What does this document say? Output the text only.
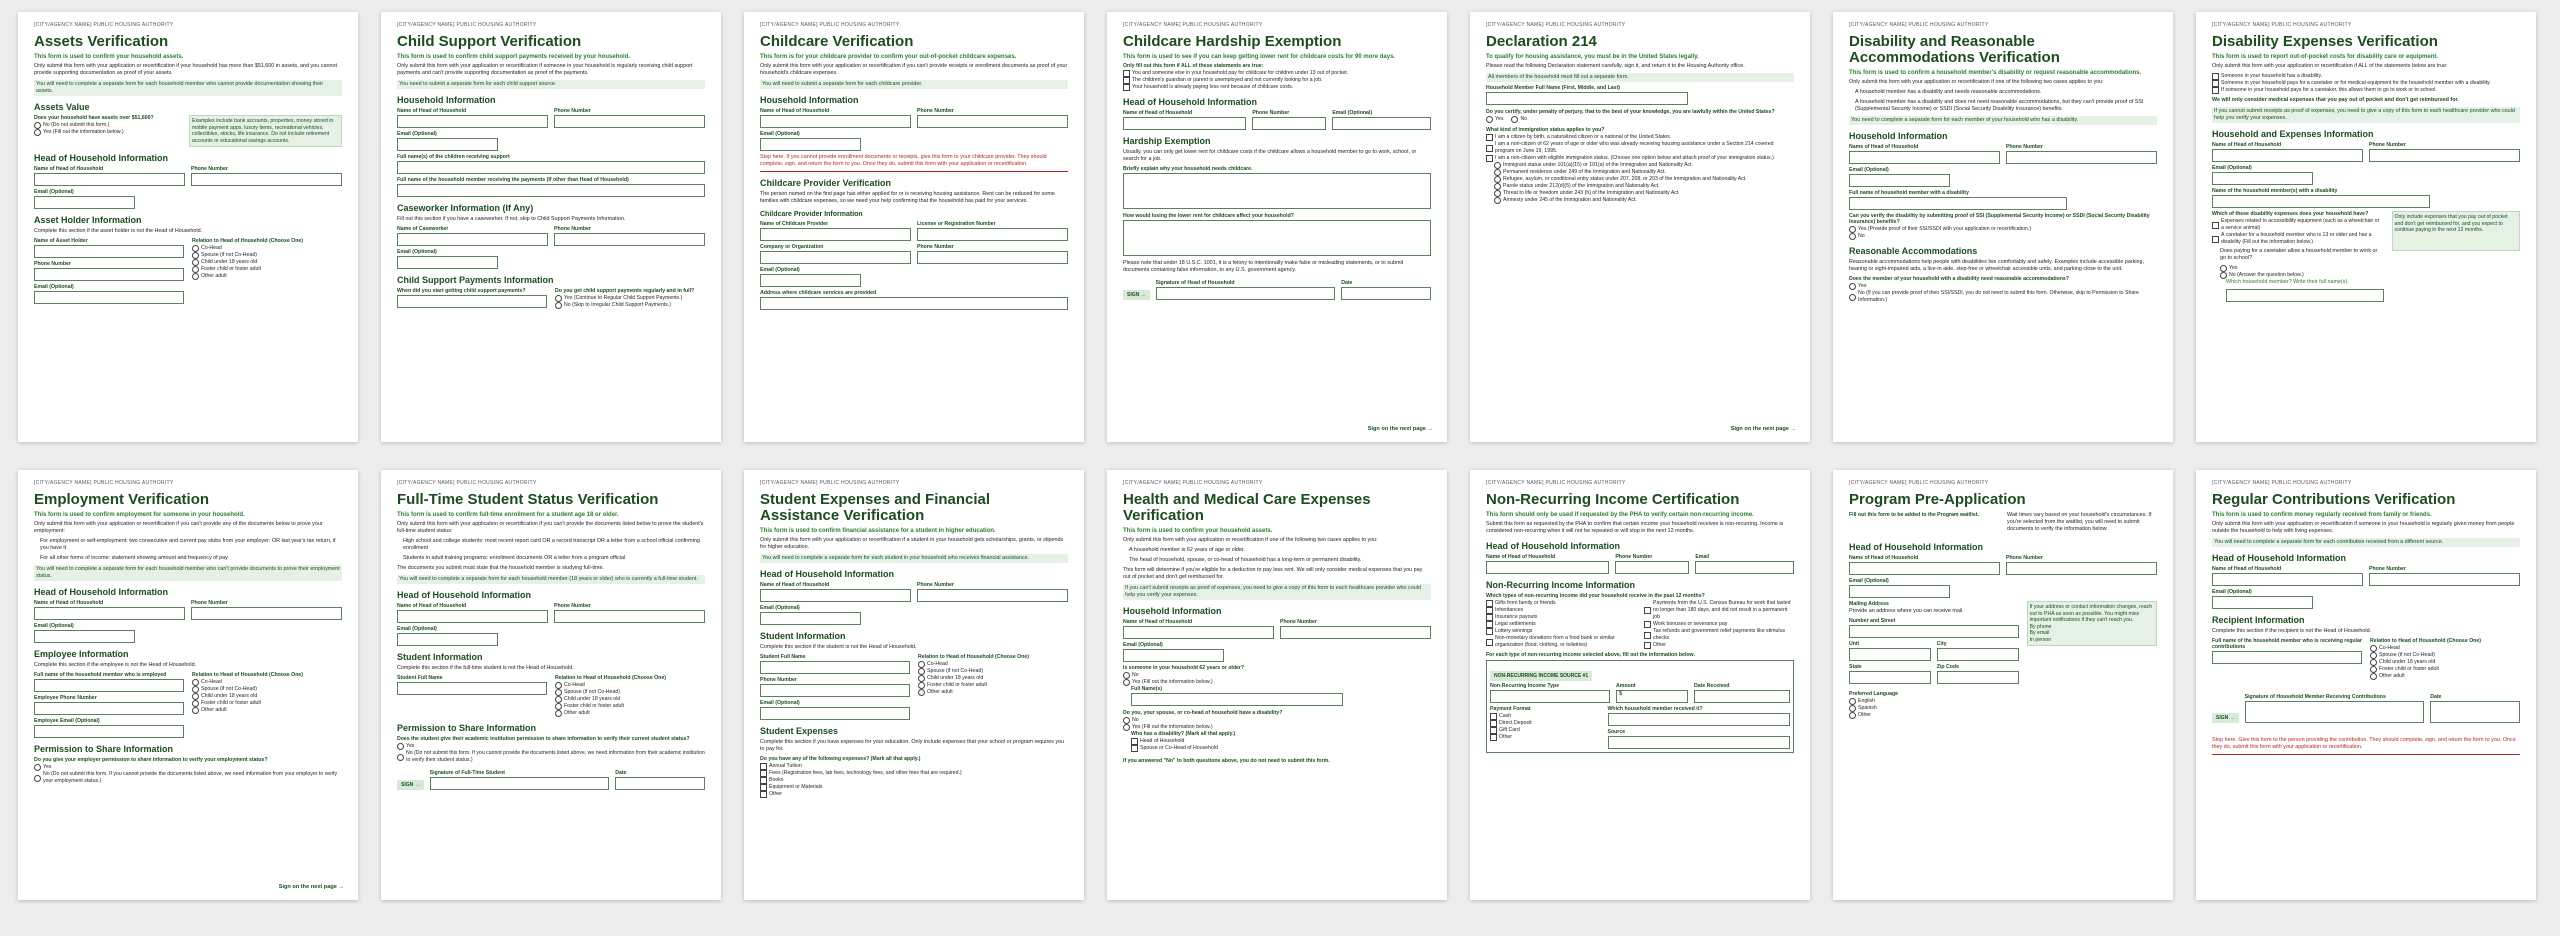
[CITY/AGENCY NAME] PUBLIC HOUSING AUTHORITY
Assets Verification
This form is used to confirm your household assets.
Only submit this form with your application or recertification if your household has more than $51,600 in assets, and you cannot provide supporting documentation as proof of your assets.
You will need to complete a separate form for each household member who cannot provide documentation showing their assets.
Assets Value
Does your household have assets over $51,600?
No (Do not submit this form.)
Yes (Fill out the information below.)
Examples include bank accounts, properties, money stored in mobile payment apps, luxury items, recreational vehicles, collectibles, stocks, life insurance. Do not include retirement accounts or educational savings accounts.
Head of Household Information
Name of Head of Household	Phone Number
Email (Optional)
Asset Holder Information
Complete this section if the asset holder is not the Head of Household.
Name of Asset Holder
Phone Number
Email (Optional)
Relation to Head of Household (Choose One)
Co-Head
Spouse (if not Co-Head)
Child under 18 years old
Foster child or foster adult
Other adult
[CITY/AGENCY NAME] PUBLIC HOUSING AUTHORITY
Child Support Verification
This form is used to confirm child support payments received by your household.
Only submit this form with your application or recertification if someone in your household is regularly receiving child support payments and can't provide supporting documentation as proof of the payments.
You need to submit a separate form for each child support source.
Household Information
Name of Head of Household	Phone Number
Email (Optional)
Full name(s) of the children receiving support
Full name of the household member receiving the payments (If other than Head of Household)
Caseworker Information (If Any)
Fill out this section if you have a caseworker. If not, skip to Child Support Payments Information.
Name of Caseworker	Phone Number
Email (Optional)
Child Support Payments Information
When did you start getting child support payments?	Do you get child support payments regularly and in full?
Yes (Continue to Regular Child Support Payments.)
No (Skip to Irregular Child Support Payments.)
[CITY/AGENCY NAME] PUBLIC HOUSING AUTHORITY
Childcare Verification
This form is for your childcare provider to confirm your out-of-pocket childcare expenses.
Only submit this form with your application or recertification if you can't provide receipts or enrollment documents as proof of your household's childcare expenses.
You will need to submit a separate form for each childcare provider.
Household Information
Name of Head of Household	Phone Number
Email (Optional)
Stop here. If you cannot provide enrollment documents or receipts, give this form to your childcare provider. They should complete, sign, and return the form to you. Once they do, submit this form with your application or recertification.
Childcare Provider Verification
The person named on the first page has either applied for or is receiving housing assistance. Rent can be reduced for some families with childcare expenses, so we need your help confirming that the household has paid for your services.
Childcare Provider Information
Name of Childcare Provider	License or Registration Number
Company or Organization	Phone Number
Email (Optional)
Address where childcare services are provided
[CITY/AGENCY NAME] PUBLIC HOUSING AUTHORITY
Childcare Hardship Exemption
This form is used to see if you can keep getting lower rent for childcare costs for 90 more days.
Only fill out this form if ALL of these statements are true:
You and someone else in your household pay for childcare for children under 13 out of pocket.
The children's guardian or parent is unemployed and not currently looking for a job.
Your household is already paying less rent because of childcare costs.
Head of Household Information
Name of Head of Household	Phone Number	Email (Optional)
Hardship Exemption
Usually, you can only get lower rent for childcare costs if the childcare allows a household member to go to work, school, or search for a job.
Briefly explain why your household needs childcare.
How would losing the lower rent for childcare affect your household?
Please note that under 18 U.S.C. 1001, it is a felony to intentionally make false or misleading statements, or to submit documents containing false information, to any U.S. government agency.
SIGN →
Signature of Head of Household	Date
Sign on the next page →
[CITY/AGENCY NAME] PUBLIC HOUSING AUTHORITY
Declaration 214
To qualify for housing assistance, you must be in the United States legally.
Please read the following Declaration statement carefully, sign it, and return it to the Housing Authority office.
All members of the household must fill out a separate form.
Household Member Full Name (First, Middle, and Last)
Do you certify, under penalty of perjury, that to the best of your knowledge, you are lawfully within the United States?
Yes	No
What kind of immigration status applies to you?
I am a citizen by birth, a naturalized citizen or a national of the United States.
I am a non-citizen of 62 years of age or older who was already receiving housing assistance under a Section 214 covered program on June 19, 1995.
I am a non-citizen with eligible immigration status. (Choose one option below and attach proof of your immigration status.)
Immigrant status under 101(a)(15) or 101(a) of the Immigration and Nationality Act.
Permanent residence under 249 of the Immigration and Nationality Act.
Refugee, asylum, or conditional entry status under 207, 208, or 203 of the Immigration and Nationality Act.
Parole status under 212(d)(5) of the Immigration and Nationality Act.
Threat to life or freedom under 243 (h) of the Immigration and Nationality Act.
Amnesty under 245 of the Immigration and Nationality Act.
Sign on the next page →
[CITY/AGENCY NAME] PUBLIC HOUSING AUTHORITY
Disability and Reasonable Accommodations Verification
This form is used to confirm a household member's disability or request reasonable accommodations.
Only submit this form with your application or recertification if one of the following two cases applies to you:
A household member has a disability and needs reasonable accommodations.
A household member has a disability and does not need reasonable accommodations, but they can't provide proof of SSI (Supplemental Security Income) or SSDI (Social Security Disability Insurance) benefits.
You need to complete a separate form for each member of your household who has a disability.
Household Information
Name of Head of Household	Phone Number
Email (Optional)
Full name of household member with a disability
Can you verify the disability by submitting proof of SSI (Supplemental Security Income) or SSDI (Social Security Disability Insurance) benefits?
Yes (Provide proof of their SSI/SSDI with your application or recertification.)
No
Reasonable Accommodations
Reasonable accommodations help people with disabilities live comfortably and safely. Examples include accessible parking, hearing or sight-impaired aids, a live-in aide, step-free or wheelchair accessible units, and parking close to the unit.
Does the member of your household with a disability need reasonable accommodations?
Yes
No (If you can provide proof of their SSI/SSDI, you do not need to submit this form. Otherwise, skip to Permission to Share Information.)
[CITY/AGENCY NAME] PUBLIC HOUSING AUTHORITY
Disability Expenses Verification
This form is used to report out-of-pocket costs for disability care or equipment.
Only submit this form with your application or recertification if ALL of the statements below are true:
Someone in your household has a disability.
Someone in your household pays for a caretaker or for medical equipment for the household member with a disability.
If someone in your household pays for a caretaker, this allows them to go to work or to school.
We will only consider medical expenses that you pay out of pocket and don't get reimbursed for.
If you cannot submit receipts as proof of expenses, you need to give a copy of this form to each healthcare provider who could help you verify your expenses.
Household and Expenses Information
Name of Head of Household	Phone Number
Email (Optional)
Name of the household member(s) with a disability
Which of these disability expenses does your household have?
Expenses related to accessibility equipment (such as a wheelchair or a service animal)
A caretaker for a household member who is 13 or older and has a disability (Fill out the information below.)
Does paying for a caretaker allow a household member to work or go to school?
Yes
No (Answer the question below.)
Which household member? Write their full name(s).
Only include expenses that you pay out of pocket and don't get reimbursed for, and you expect to continue paying in the next 12 months.
[CITY/AGENCY NAME] PUBLIC HOUSING AUTHORITY
Employment Verification
This form is used to confirm employment for someone in your household.
Only submit this form with your application or recertification if you can't provide any of the documents below to prove your employment:
For employment or self-employment: two consecutive and current pay stubs from your employer; OR last year's tax return, if you have it
For all other forms of income: statement showing amount and frequency of pay
You will need to complete a separate form for each household member who can't provide documents to prove their employment status.
Head of Household Information
Name of Head of Household	Phone Number
Email (Optional)
Employee Information
Complete this section if the employee is not the Head of Household.
Full name of the household member who is employed
Employee Phone Number
Employee Email (Optional)
Relation to Head of Household (Choose One)
Co-Head
Spouse (if not Co-Head)
Child under 18 years old
Foster child or foster adult
Other adult
Permission to Share Information
Do you give your employer permission to share information to verify your employment status?
Yes
No (Do not submit this form. If you cannot provide the documents listed above, we need information from your employer to verify your employment status.)
Sign on the next page →
[CITY/AGENCY NAME] PUBLIC HOUSING AUTHORITY
Full-Time Student Status Verification
This form is used to confirm full-time enrollment for a student age 18 or older.
Only submit this form with your application or recertification if you can't provide the documents listed below to prove the student's full-time student status:
High school and college students: most recent report card OR a record transcript OR a letter from a school official confirming enrollment
Students in adult training programs: enrollment documents OR a letter from a program official
The documents you submit must state that the household member is studying full-time.
You will need to complete a separate form for each household member (18 years or older) who is currently a full-time student.
Head of Household Information
Name of Head of Household	Phone Number
Email (Optional)
Student Information
Complete this section if the full-time student is not the Head of Household.
Student Full Name	Relation to Head of Household (Choose One)
Co-Head
Spouse (if not Co-Head)
Child under 18 years old
Foster child or foster adult
Other adult
Permission to Share Information
Does the student give their academic institution permission to share information to verify their current student status?
Yes
No (Do not submit this form. If you cannot provide the documents listed above, we need information from their academic institution to verify their student status.)
SIGN →
Signature of Full-Time Student	Date
[CITY/AGENCY NAME] PUBLIC HOUSING AUTHORITY
Student Expenses and Financial Assistance Verification
This form is used to confirm financial assistance for a student in higher education.
Only submit this form with your application or recertification if a student in your household gets scholarships, grants, or stipends for higher education.
You will need to complete a separate form for each student in your household who receives financial assistance.
Head of Household Information
Name of Head of Household	Phone Number
Email (Optional)
Student Information
Complete this section if the student is not the Head of Household.
Student Full Name
Phone Number
Email (Optional)
Relation to Head of Household (Choose One)
Co-Head
Spouse (if not Co-Head)
Child under 18 years old
Foster child or foster adult
Other adult
Student Expenses
Complete this section if you have expenses for your education. Only include expenses that your school or program requires you to pay for.
Do you have any of the following expenses? (Mark all that apply.)
Annual Tuition
Fees (Registration fees, lab fees, technology fees, and other fees that are required.)
Books
Equipment or Materials
Other
[CITY/AGENCY NAME] PUBLIC HOUSING AUTHORITY
Health and Medical Care Expenses Verification
This form is used to confirm your household assets.
Only submit this form with your application or recertification if one of the following two cases applies to you:
A household member is 62 years of age or older.
The head of household, spouse, or co-head of household has a long-term or permanent disability.
This form will determine if you're eligible for a deduction to pay less rent. We will only consider medical expenses that you pay out of pocket and don't get reimbursed for.
If you can't submit receipts as proof of expenses, you need to give a copy of this form to each healthcare provider who could help you verify your expenses.
Household Information
Name of Head of Household	Phone Number
Email (Optional)
Is someone in your household 62 years or older?
No
Yes (Fill out the information below.)
Full Name(s)
Do you, your spouse, or co-head of household have a disability?
No
Yes (Fill out the information below.)
Who has a disability? (Mark all that apply.)
Head of Household
Spouse or Co-Head of Household
If you answered "No" to both questions above, you do not need to submit this form.
[CITY/AGENCY NAME] PUBLIC HOUSING AUTHORITY
Non-Recurring Income Certification
This form should only be used if requested by the PHA to verify certain non-recurring income.
Submit this form as requested by the PHA to confirm that certain income your household receives is non-recurring. Income is considered non-recurring when it will not be repeated or will stop in the next 12 months.
Head of Household Information
Name of Head of Household	Phone Number	Email
Non-Recurring Income Information
Which types of non-recurring income did your household receive in the past 12 months?
Gifts from family or friends
Inheritances
Insurance payouts
Legal settlements
Lottery winnings
Non-monetary donations from a food bank or similar organization (food, clothing, or toiletries)
Payments from the U.S. Census Bureau for work that lasted no longer than 180 days, and did not result in a permanent job
Work bonuses or severance pay
Tax refunds and government relief payments like stimulus checks
Other
For each type of non-recurring income selected above, fill out the information below.
NON-RECURRING INCOME SOURCE #1
Non-Recurring Income Type	Amount
$
Date Received
Payment Format
Cash
Direct Deposit
Gift Card
Other
Which household member received it?
Source
[CITY/AGENCY NAME] PUBLIC HOUSING AUTHORITY
Program Pre-Application
Fill out this form to be added to the Program waitlist.	Wait times vary based on your household's circumstances. If you're selected from the waitlist, you will need to submit documents to verify the information below.
Head of Household Information
Name of Head of Household	Phone Number
Email (Optional)
Mailing Address
Provide an address where you can receive mail.
Number and Street
Unit	City
State	Zip Code
If your address or contact information changes, reach out to PHA as soon as possible. You might miss important notifications if they can't reach you.
By phone
By email
In person
Preferred Language
English
Spanish
Other
[CITY/AGENCY NAME] PUBLIC HOUSING AUTHORITY
Regular Contributions Verification
This form is used to confirm money regularly received from family or friends.
Only submit this form with your application or recertification if someone in your household is regularly given money from people outside the household to help with living expenses.
You will need to complete a separate form for each contribution received from a different source.
Head of Household Information
Name of Head of Household	Phone Number
Email (Optional)
Recipient Information
Complete this section if the recipient is not the Head of Household.
Full name of the household member who is receiving regular contributions
Relation to Head of Household (Choose One)
Co-Head
Spouse (if not Co-Head)
Child under 18 years old
Foster child or foster adult
Other adult
SIGN →
Signature of Household Member Receiving Contributions	Date
Stop here. Give this form to the person providing the contribution. They should complete, sign, and return the form to you. Once they do, submit this form with your application or recertification.
